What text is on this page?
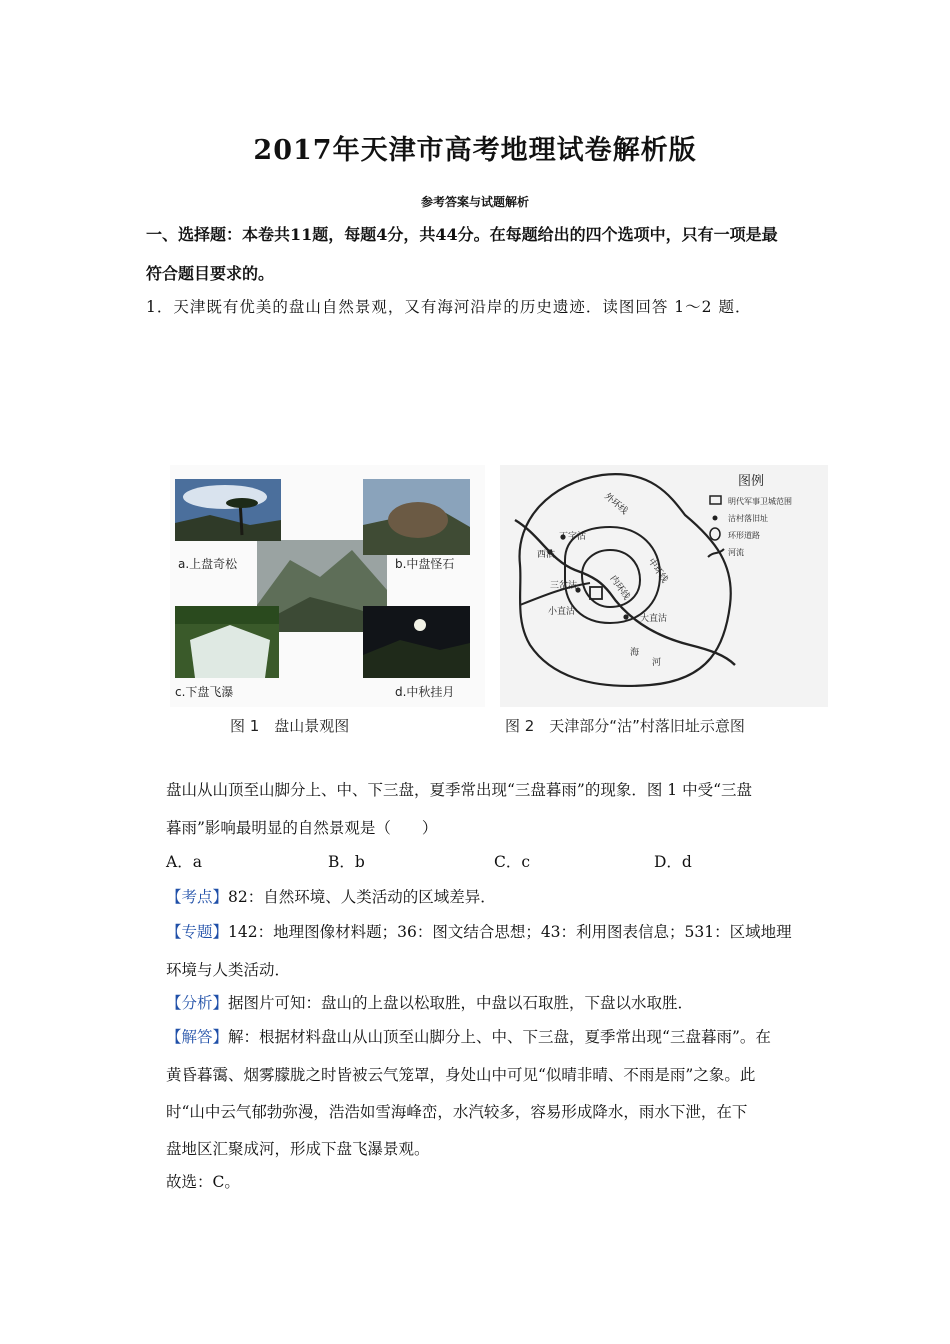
2017年天津市高考地理试卷解析版
参考答案与试题解析
一、选择题：本卷共11题，每题4分，共44分。在每题给出的四个选项中，只有一项是最
符合题目要求的。
1．天津既有优美的盘山自然景观，又有海河沿岸的历史遗迹．读图回答 1～2 题．
a.上盘奇松	b.中盘怪石
c.下盘飞瀑	d.中秋挂月
外环线
中环线
内环线
丁字沽
西沽
三岔沽
小直沽
大直沽
海
河
图例
明代军事卫城范围
沽村落旧址
环形道路
河流
图 1　盘山景观图	图 2　天津部分“沽”村落旧址示意图
盘山从山顶至山脚分上、中、下三盘，夏季常出现“三盘暮雨”的现象．图 1 中受“三盘
暮雨”影响最明显的自然景观是（　　）
A．a	B．b	C．c	D．d
【考点】82：自然环境、人类活动的区域差异．
【专题】142：地理图像材料题；36：图文结合思想；43：利用图表信息；531：区域地理
环境与人类活动．
【分析】据图片可知：盘山的上盘以松取胜，中盘以石取胜，下盘以水取胜．
【解答】解：根据材料盘山从山顶至山脚分上、中、下三盘，夏季常出现“三盘暮雨”。在
黄昏暮霭、烟雾朦胧之时皆被云气笼罩，身处山中可见“似晴非晴、不雨是雨”之象。此
时“山中云气郁勃弥漫，浩浩如雪海峰峦，水汽较多，容易形成降水，雨水下泄，在下
盘地区汇聚成河，形成下盘飞瀑景观。
故选：C。
